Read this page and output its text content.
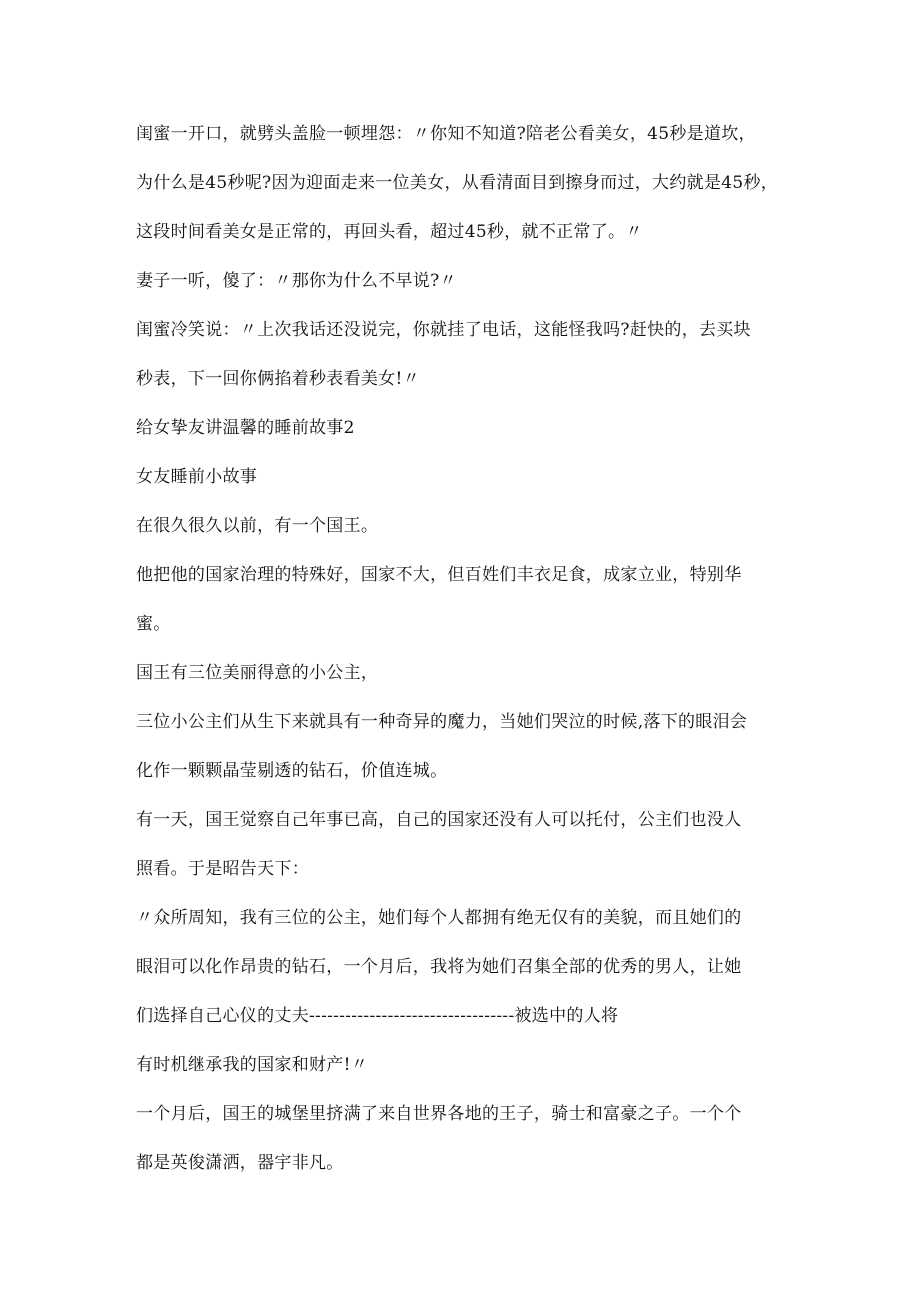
闺蜜一开口，就劈头盖脸一顿埋怨：〃你知不知道?陪老公看美女，45秒是道坎，
为什么是45秒呢?因为迎面走来一位美女，从看清面目到擦身而过，大约就是45秒，
这段时间看美女是正常的，再回头看，超过45秒，就不正常了。〃
妻子一听，傻了：〃那你为什么不早说?〃
闺蜜冷笑说：〃上次我话还没说完，你就挂了电话，这能怪我吗?赶快的，去买块
秒表，下一回你俩掐着秒表看美女!〃
给女挚友讲温馨的睡前故事2
女友睡前小故事
在很久很久以前，有一个国王。
他把他的国家治理的特殊好，国家不大，但百姓们丰衣足食，成家立业，特别华
蜜。
国王有三位美丽得意的小公主，
三位小公主们从生下来就具有一种奇异的魔力，当她们哭泣的时候,落下的眼泪会
化作一颗颗晶莹剔透的钻石，价值连城。
有一天，国王觉察自己年事已高，自己的国家还没有人可以托付，公主们也没人
照看。于是昭告天下：
〃众所周知，我有三位的公主，她们每个人都拥有绝无仅有的美貌，而且她们的
眼泪可以化作昂贵的钻石，一个月后，我将为她们召集全部的优秀的男人，让她
们选择自己心仪的丈夫----------------------------------被选中的人将
有时机继承我的国家和财产!〃
一个月后，国王的城堡里挤满了来自世界各地的王子，骑士和富豪之子。一个个
都是英俊潇洒，器宇非凡。
